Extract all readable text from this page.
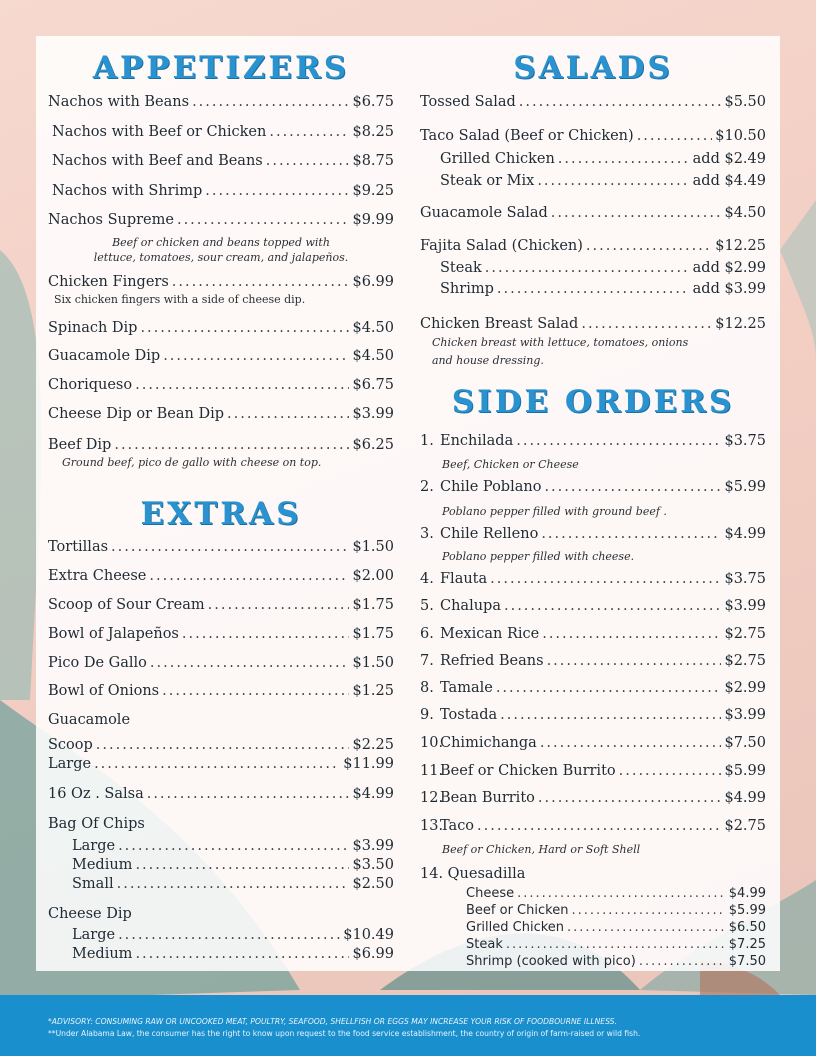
APPETIZERS
Nachos with Beans .....	$6.75
Nachos with Beef or Chicken .....	$8.25
Nachos with Beef and Beans .....	$8.75
Nachos with Shrimp .....	$9.25
Nachos Supreme .....	$9.99
Beef or chicken and beans topped with
lettuce, tomatoes, sour cream, and jalapeños.
Chicken Fingers .....	$6.99
Six chicken fingers with a side of cheese dip.
Spinach Dip .....	$4.50
Guacamole Dip .....	$4.50
Choriqueso .....	$6.75
Cheese Dip or Bean Dip .....	$3.99
Beef Dip .....	$6.25
Ground beef, pico de gallo with cheese on top.
EXTRAS
Tortillas .....	$1.50
Extra Cheese .....	$2.00
Scoop of Sour Cream .....	$1.75
Bowl of Jalapeños .....	$1.75
Pico De Gallo .....	$1.50
Bowl of Onions .....	$1.25
Guacamole
Scoop .....	$2.25
Large .....	$11.99
16 Oz . Salsa .....	$4.99
Bag Of Chips
Large .....	$3.99
Medium .....	$3.50
Small .....	$2.50
Cheese Dip
Large .....	$10.49
Medium .....	$6.99
SALADS
Tossed Salad .....	$5.50
Taco Salad (Beef or Chicken) .....	$10.50
Grilled Chicken .....	add $2.49
Steak or Mix .....	add $4.49
Guacamole Salad .....	$4.50
Fajita Salad (Chicken) .....	$12.25
Steak .....	add $2.99
Shrimp .....	add $3.99
Chicken Breast Salad .....	$12.25
Chicken breast with lettuce, tomatoes, onions
and house dressing.
SIDE ORDERS
1. Enchilada .....	$3.75
Beef, Chicken or Cheese
2. Chile Poblano .....	$5.99
Poblano pepper filled with ground beef .
3. Chile Relleno .....	$4.99
Poblano pepper filled with cheese.
4. Flauta .....	$3.75
5. Chalupa .....	$3.99
6. Mexican Rice .....	$2.75
7. Refried Beans .....	$2.75
8. Tamale .....	$2.99
9. Tostada .....	$3.99
10.Chimichanga .....	$7.50
11.Beef or Chicken Burrito .....	$5.99
12.Bean Burrito .....	$4.99
13.Taco .....	$2.75
Beef or Chicken, Hard or Soft Shell
14. Quesadilla
Cheese .....	$4.99
Beef or Chicken .....	$5.99
Grilled Chicken .....	$6.50
Steak .....	$7.25
Shrimp (cooked with pico) .....	$7.50
*ADVISORY: CONSUMING RAW OR UNCOOKED MEAT, POULTRY, SEAFOOD, SHELLFISH OR EGGS MAY INCREASE YOUR RISK OF FOODBOURNE ILLNESS.
**Under Alabama Law, the consumer has the right to know upon request to the food service establishment, the country of origin of farm-raised or wild fish.
